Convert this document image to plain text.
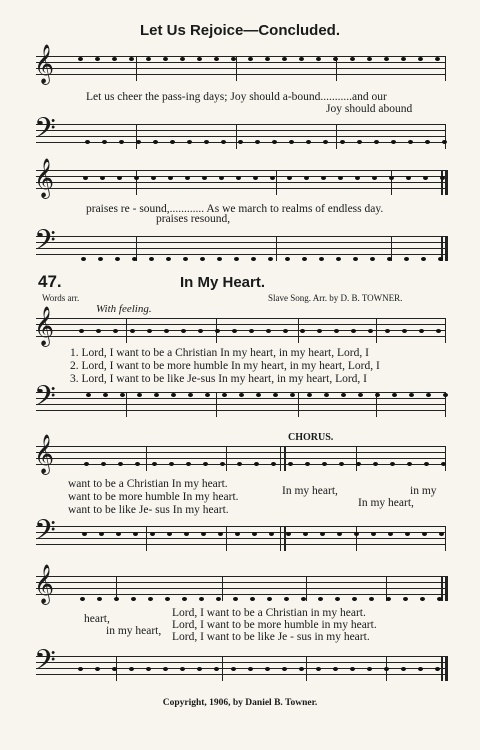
Let Us Rejoice—Concluded.
𝄞
Let us cheer the pass-ing days; Joy should a-bound...........and our
Joy should abound
𝄢
𝄞
praises re - sound,............ As we march to realms of endless day.
praises resound,
𝄢
47.	In My Heart.
Words arr.	Slave Song. Arr. by D. B. TOWNER.
With feeling.
𝄞
1. Lord, I want to be a Christian In my heart, in my heart, Lord, I
2. Lord, I want to be more humble In my heart, in my heart, Lord, I
3. Lord, I want to be like Je-sus In my heart, in my heart, Lord, I
𝄢
CHORUS.
𝄞
want to be a Christian In my heart.
want to be more humble In my heart.
want to be like Je- sus In my heart.
In my heart,
In my heart,
in my
𝄢
𝄞
heart,
in my heart,
Lord, I want to be a Christian in my heart.
Lord, I want to be more humble in my heart.
Lord, I want to be like Je - sus in my heart.
𝄢
Copyright, 1906, by Daniel B. Towner.
